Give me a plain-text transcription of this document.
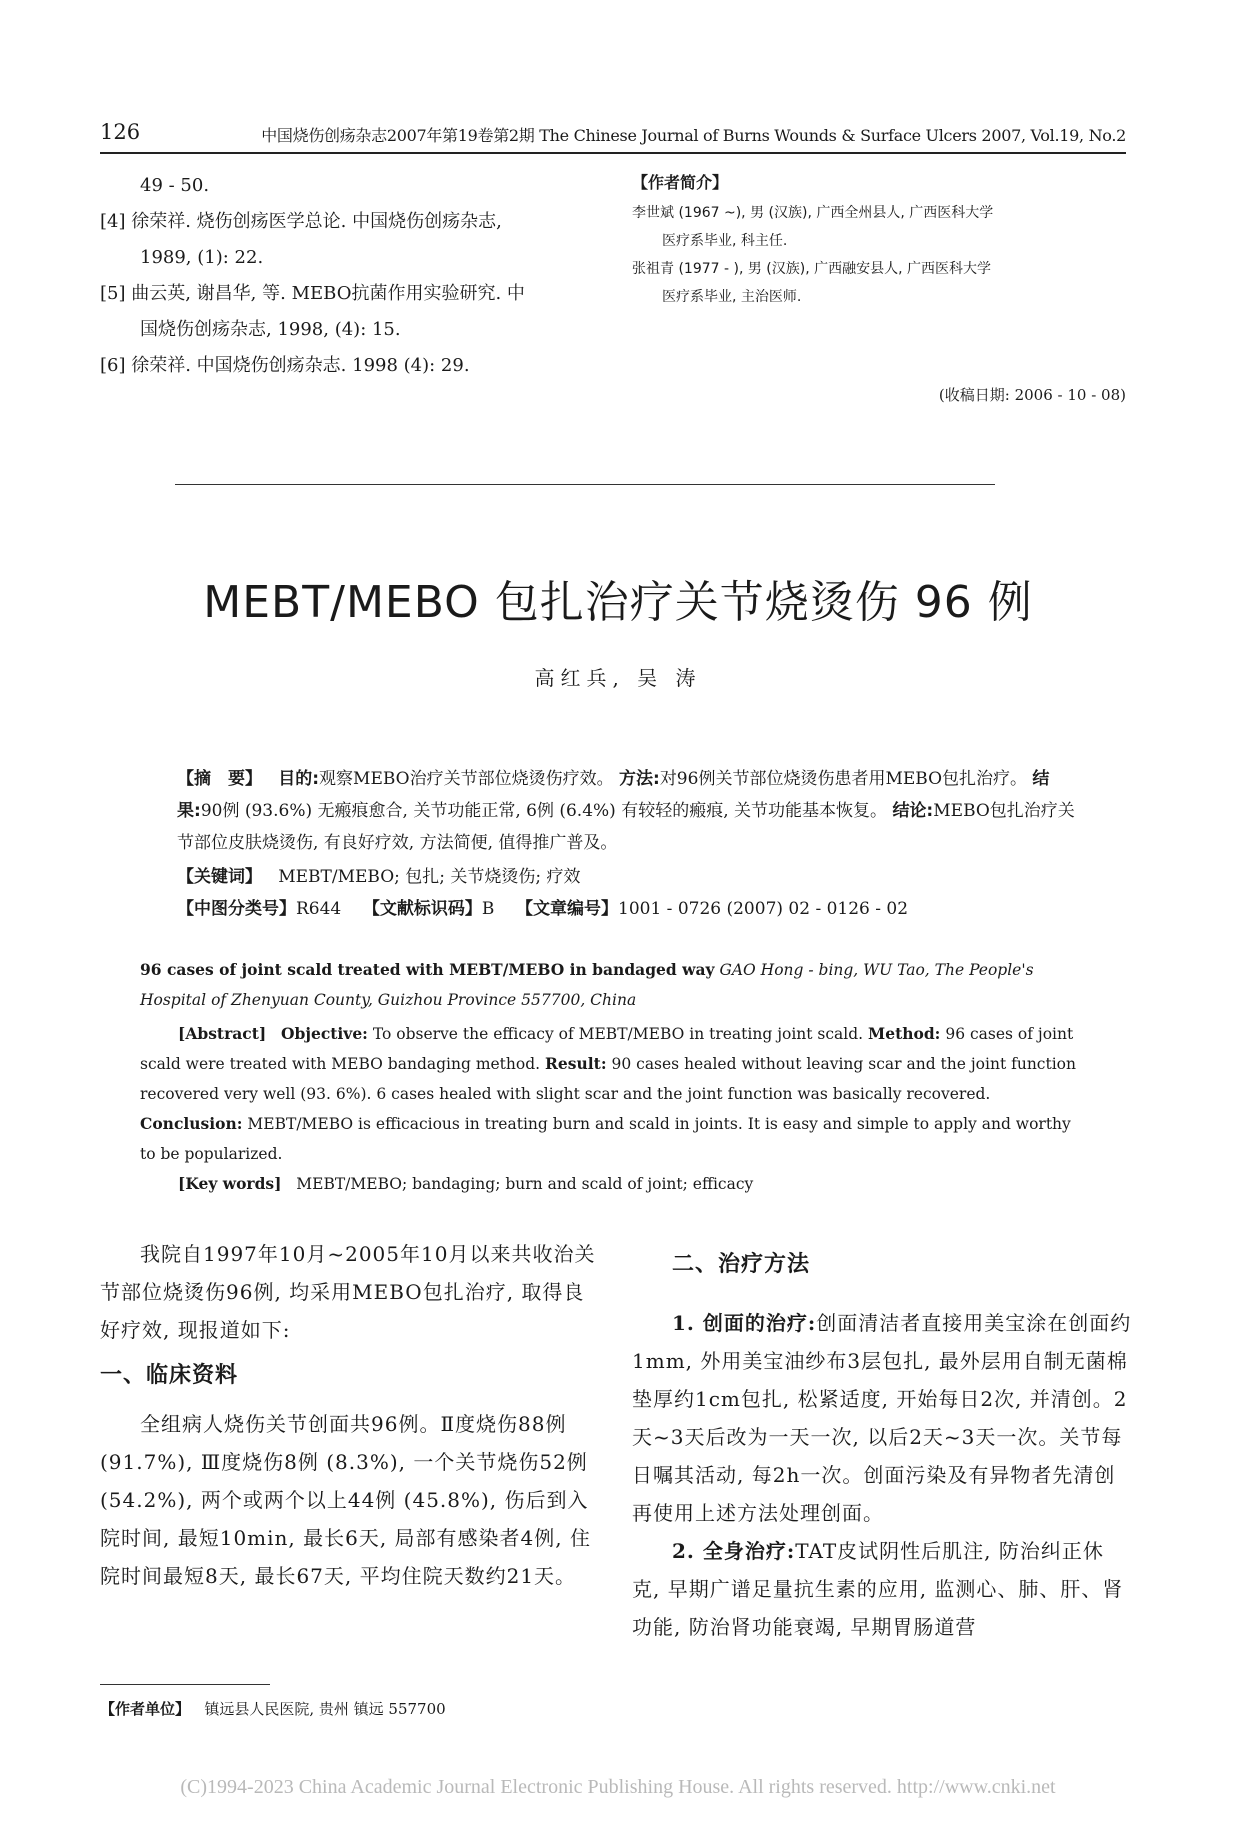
126	中国烧伤创疡杂志2007年第19卷第2期 The Chinese Journal of Burns Wounds & Surface Ulcers 2007, Vol.19, No.2

49 - 50.

[4] 徐荣祥. 烧伤创疡医学总论. 中国烧伤创疡杂志,

1989, (1): 22.

[5] 曲云英, 谢昌华, 等. MEBO抗菌作用实验研究. 中

国烧伤创疡杂志, 1998, (4): 15.

[6] 徐荣祥. 中国烧伤创疡杂志. 1998 (4): 29.

【作者简介】
李世斌 (1967 ~), 男 (汉族), 广西全州县人, 广西医科大学
医疗系毕业, 科主任.
张祖青 (1977 - ), 男 (汉族), 广西融安县人, 广西医科大学
医疗系毕业, 主治医师.
(收稿日期: 2006 - 10 - 08)
MEBT/MEBO 包扎治疗关节烧烫伤 96 例
高红兵, 吴 涛

【摘　要】 目的:观察MEBO治疗关节部位烧烫伤疗效。 方法:对96例关节部位烧烫伤患者用MEBO包扎治疗。 结果:90例 (93.6%) 无瘢痕愈合, 关节功能正常, 6例 (6.4%) 有较轻的瘢痕, 关节功能基本恢复。 结论:MEBO包扎治疗关节部位皮肤烧烫伤, 有良好疗效, 方法简便, 值得推广普及。

【关键词】 MEBT/MEBO; 包扎; 关节烧烫伤; 疗效

【中图分类号】R644 【文献标识码】B 【文章编号】1001 - 0726 (2007) 02 - 0126 - 02

96 cases of joint scald treated with MEBT/MEBO in bandaged way GAO Hong - bing, WU Tao, The People's Hospital of Zhenyuan County, Guizhou Province 557700, China

[Abstract] Objective: To observe the efficacy of MEBT/MEBO in treating joint scald. Method: 96 cases of joint scald were treated with MEBO bandaging method. Result: 90 cases healed without leaving scar and the joint function recovered very well (93. 6%). 6 cases healed with slight scar and the joint function was basically recovered. Conclusion: MEBT/MEBO is efficacious in treating burn and scald in joints. It is easy and simple to apply and worthy to be popularized.

[Key words] MEBT/MEBO; bandaging; burn and scald of joint; efficacy

我院自1997年10月~2005年10月以来共收治关节部位烧烫伤96例, 均采用MEBO包扎治疗, 取得良好疗效, 现报道如下:

一、临床资料

全组病人烧伤关节创面共96例。Ⅱ度烧伤88例 (91.7%), Ⅲ度烧伤8例 (8.3%), 一个关节烧伤52例 (54.2%), 两个或两个以上44例 (45.8%), 伤后到入院时间, 最短10min, 最长6天, 局部有感染者4例, 住院时间最短8天, 最长67天, 平均住院天数约21天。

二、治疗方法

1. 创面的治疗:创面清洁者直接用美宝涂在创面约1mm, 外用美宝油纱布3层包扎, 最外层用自制无菌棉垫厚约1cm包扎, 松紧适度, 开始每日2次, 并清创。2天~3天后改为一天一次, 以后2天~3天一次。关节每日嘱其活动, 每2h一次。创面污染及有异物者先清创再使用上述方法处理创面。

2. 全身治疗:TAT皮试阴性后肌注, 防治纠正休克, 早期广谱足量抗生素的应用, 监测心、肺、肝、肾功能, 防治肾功能衰竭, 早期胃肠道营

【作者单位】 镇远县人民医院, 贵州 镇远 557700
(C)1994-2023 China Academic Journal Electronic Publishing House. All rights reserved. http://www.cnki.net
